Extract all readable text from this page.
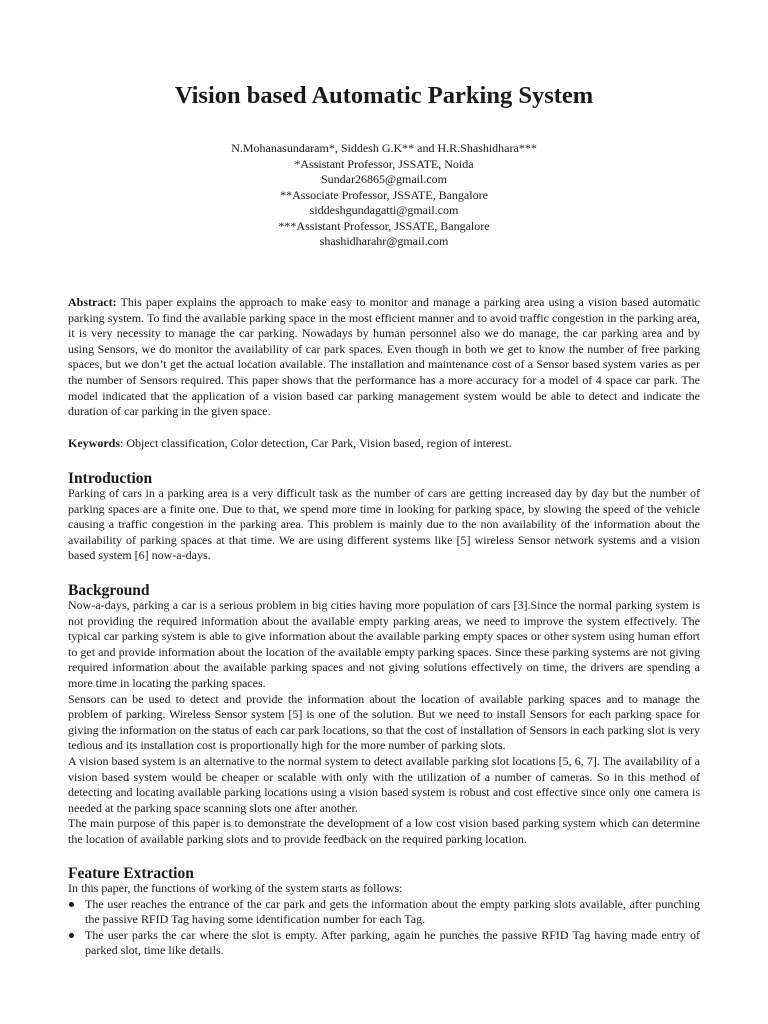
Vision based Automatic Parking System
N.Mohanasundaram*, Siddesh G.K** and H.R.Shashidhara***
*Assistant Professor, JSSATE, Noida
Sundar26865@gmail.com
**Associate Professor, JSSATE, Bangalore
siddeshgundagatti@gmail.com
***Assistant Professor, JSSATE, Bangalore
shashidharahr@gmail.com

Abstract: This paper explains the approach to make easy to monitor and manage a parking area using a vision based automatic parking system. To find the available parking space in the most efficient manner and to avoid traffic congestion in the parking area, it is very necessity to manage the car parking. Nowadays by human personnel also we do manage, the car parking area and by using Sensors, we do monitor the availability of car park spaces. Even though in both we get to know the number of free parking spaces, but we don’t get the actual location available. The installation and maintenance cost of a Sensor based system varies as per the number of Sensors required. This paper shows that the performance has a more accuracy for a model of 4 space car park. The model indicated that the application of a vision based car parking management system would be able to detect and indicate the duration of car parking in the given space.

Keywords: Object classification, Color detection, Car Park, Vision based, region of interest.

Introduction

Parking of cars in a parking area is a very difficult task as the number of cars are getting increased day by day but the number of parking spaces are a finite one. Due to that, we spend more time in looking for parking space, by slowing the speed of the vehicle causing a traffic congestion in the parking area. This problem is mainly due to the non availability of the information about the availability of parking spaces at that time. We are using different systems like [5] wireless Sensor network systems and a vision based system [6] now-a-days.

Background

Now-a-days, parking a car is a serious problem in big cities having more population of cars [3].Since the normal parking system is not providing the required information about the available empty parking areas, we need to improve the system effectively. The typical car parking system is able to give information about the available parking empty spaces or other system using human effort to get and provide information about the location of the available empty parking spaces. Since these parking systems are not giving required information about the available parking spaces and not giving solutions effectively on time, the drivers are spending a more time in locating the parking spaces.

Sensors can be used to detect and provide the information about the location of available parking spaces and to manage the problem of parking. Wireless Sensor system [5] is one of the solution. But we need to install Sensors for each parking space for giving the information on the status of each car park locations, so that the cost of installation of Sensors in each parking slot is very tedious and its installation cost is proportionally high for the more number of parking slots.

A vision based system is an alternative to the normal system to detect available parking slot locations [5, 6, 7]. The availability of a vision based system would be cheaper or scalable with only with the utilization of a number of cameras. So in this method of detecting and locating available parking locations using a vision based system is robust and cost effective since only one camera is needed at the parking space scanning slots one after another.

The main purpose of this paper is to demonstrate the development of a low cost vision based parking system which can determine the location of available parking slots and to provide feedback on the required parking location.

Feature Extraction

In this paper, the functions of working of the system starts as follows:

The user reaches the entrance of the car park and gets the information about the empty parking slots available, after punching the passive RFID Tag having some identification number for each Tag.
The user parks the car where the slot is empty. After parking, again he punches the passive RFID Tag having made entry of parked slot, time like details.
